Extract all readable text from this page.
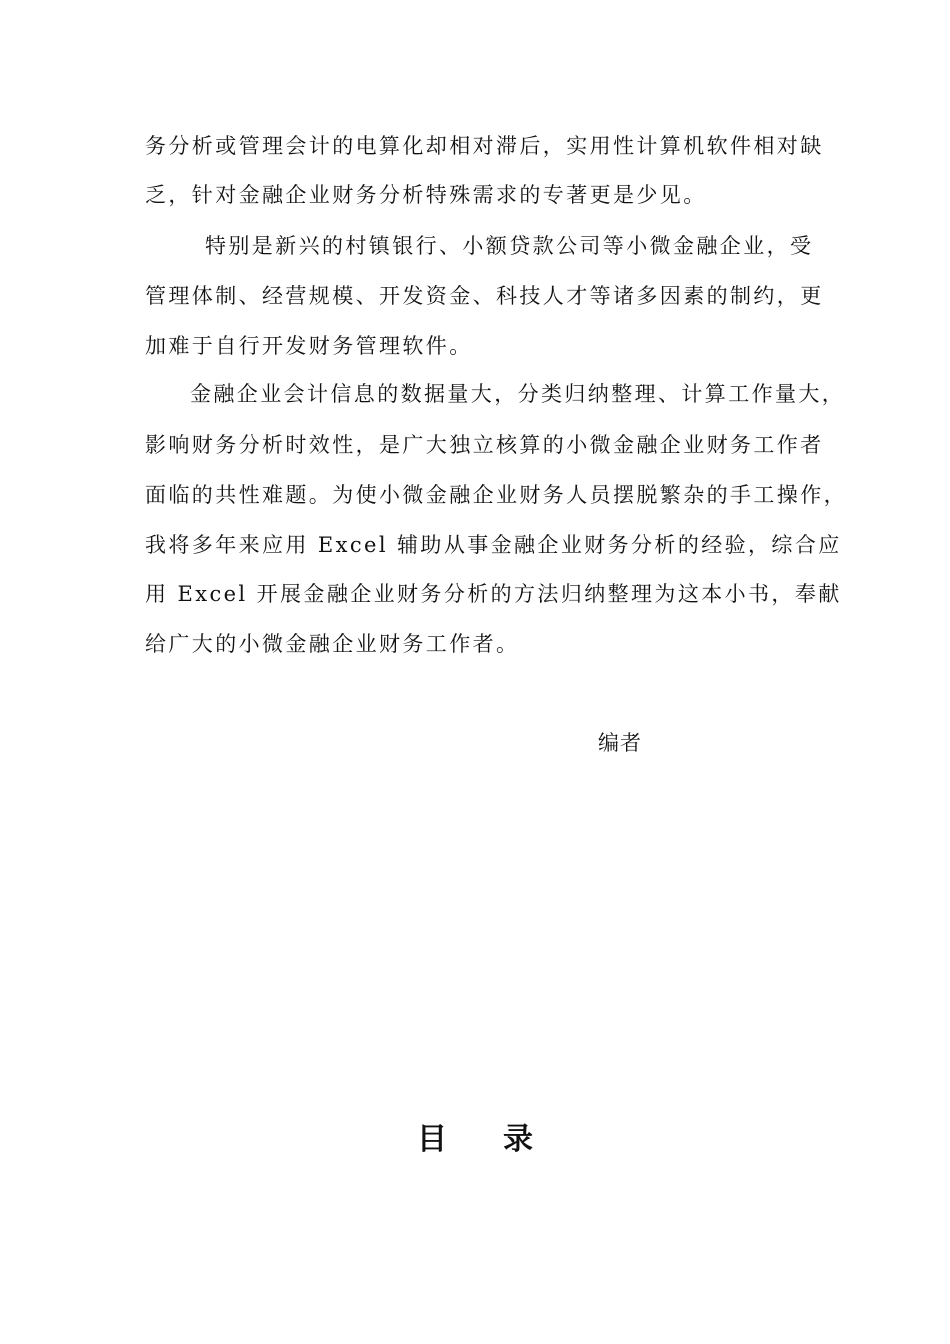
务分析或管理会计的电算化却相对滞后，实用性计算机软件相对缺
乏，针对金融企业财务分析特殊需求的专著更是少见。
特别是新兴的村镇银行、小额贷款公司等小微金融企业，受
管理体制、经营规模、开发资金、科技人才等诸多因素的制约，更
加难于自行开发财务管理软件。
金融企业会计信息的数据量大，分类归纳整理、计算工作量大，
影响财务分析时效性，是广大独立核算的小微金融企业财务工作者
面临的共性难题。为使小微金融企业财务人员摆脱繁杂的手工操作，
我将多年来应用 Excel 辅助从事金融企业财务分析的经验，综合应
用 Excel 开展金融企业财务分析的方法归纳整理为这本小书，奉献
给广大的小微金融企业财务工作者。
编者
目录
